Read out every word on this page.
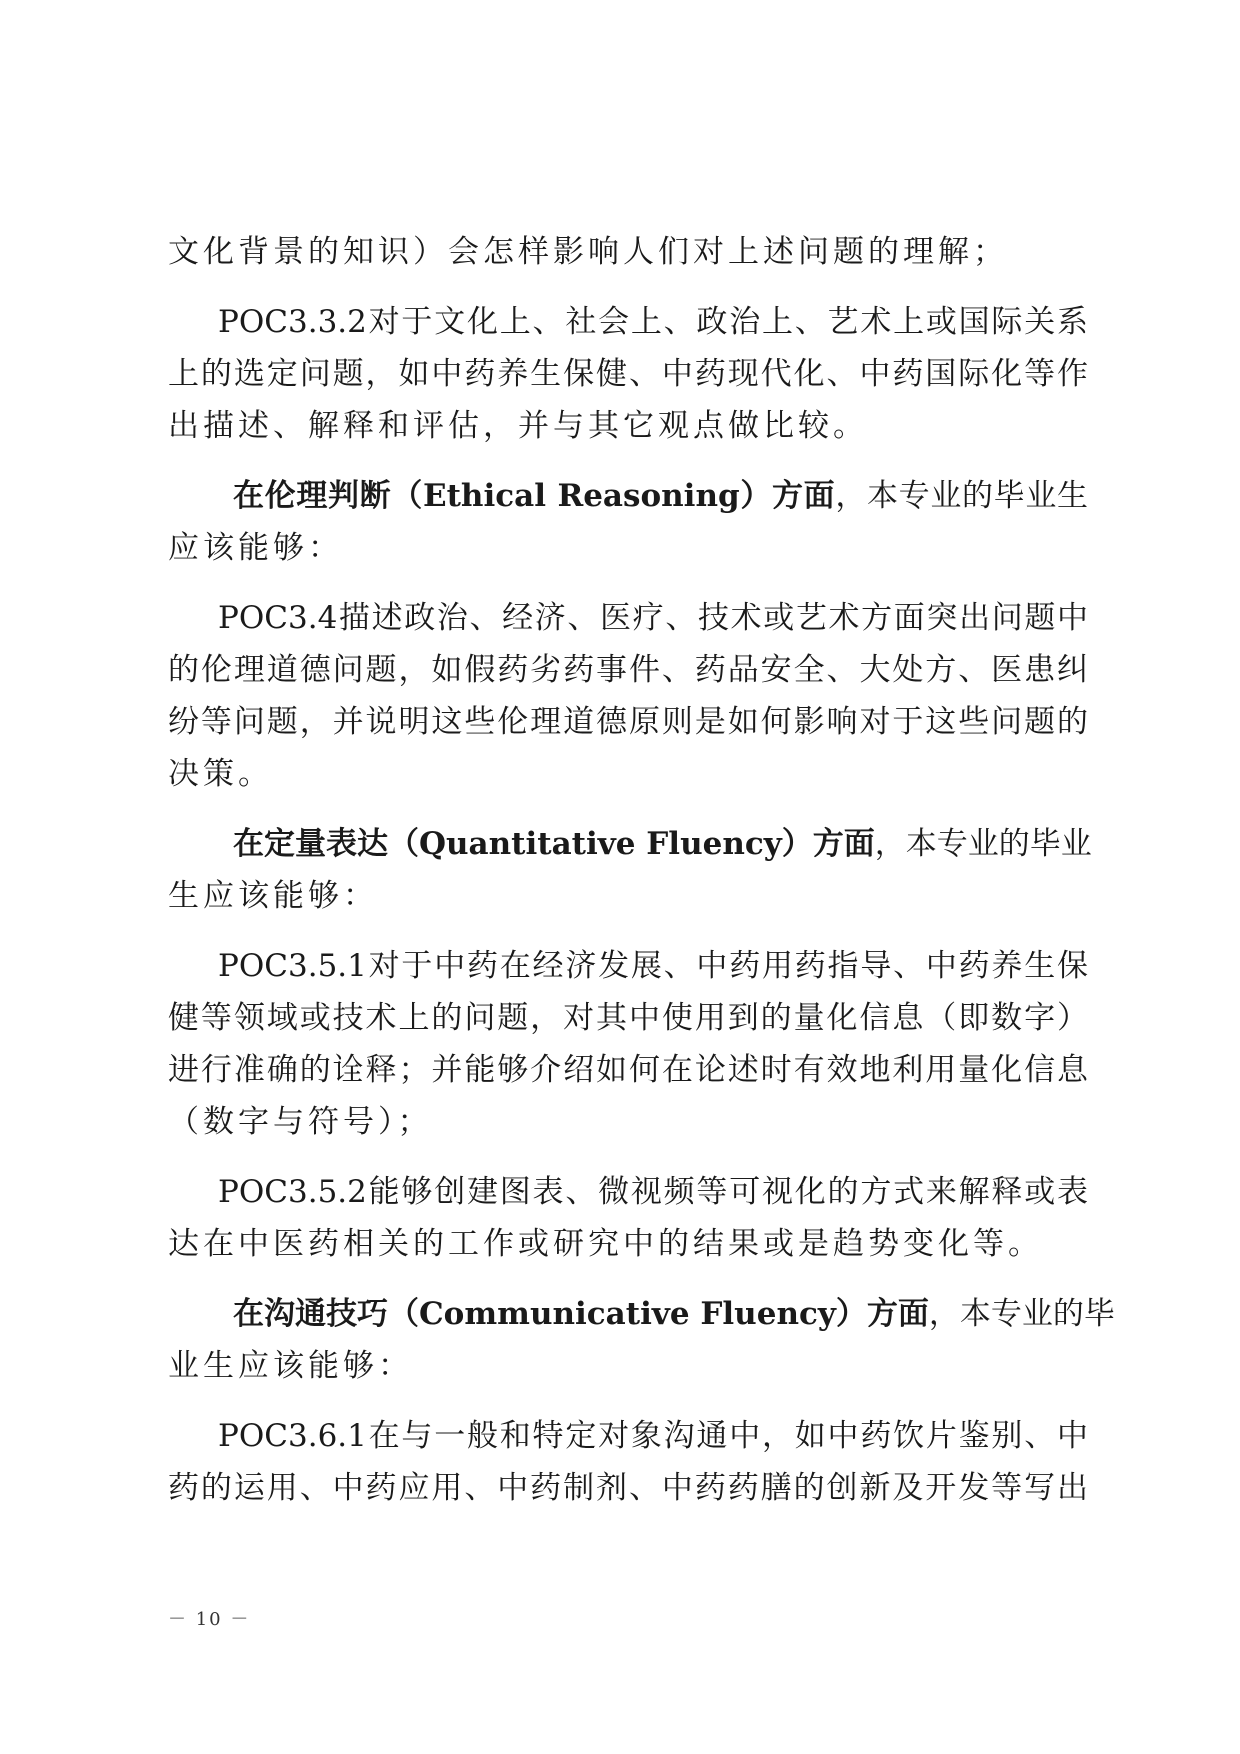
文化背景的知识）会怎样影响人们对上述问题的理解；
POC3.3.2对于文化上、社会上、政治上、艺术上或国际关系
上的选定问题，如中药养生保健、中药现代化、中药国际化等作
出描述、解释和评估，并与其它观点做比较。
在伦理判断（Ethical Reasoning）方面，本专业的毕业生
应该能够：
POC3.4描述政治、经济、医疗、技术或艺术方面突出问题中
的伦理道德问题，如假药劣药事件、药品安全、大处方、医患纠
纷等问题，并说明这些伦理道德原则是如何影响对于这些问题的
决策。
在定量表达（Quantitative Fluency）方面，本专业的毕业
生应该能够：
POC3.5.1对于中药在经济发展、中药用药指导、中药养生保
健等领域或技术上的问题，对其中使用到的量化信息（即数字）
进行准确的诠释；并能够介绍如何在论述时有效地利用量化信息
（数字与符号）；
POC3.5.2能够创建图表、微视频等可视化的方式来解释或表
达在中医药相关的工作或研究中的结果或是趋势变化等。
在沟通技巧（Communicative Fluency）方面，本专业的毕
业生应该能够：
POC3.6.1在与一般和特定对象沟通中，如中药饮片鉴别、中
药的运用、中药应用、中药制剂、中药药膳的创新及开发等写出
－ 10 －
